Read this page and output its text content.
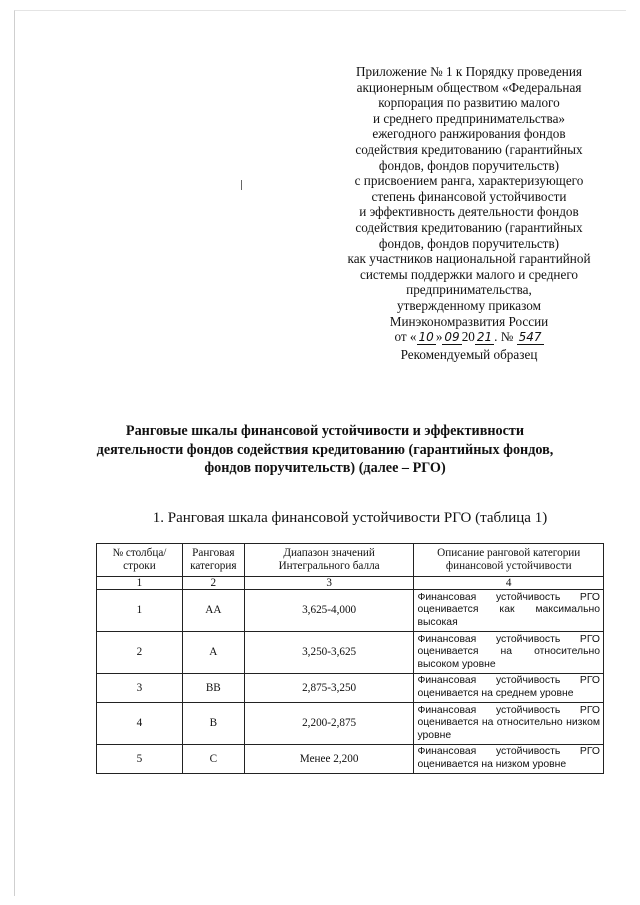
Приложение № 1 к Порядку проведения
акционерным обществом «Федеральная
корпорация по развитию малого
и среднего предпринимательства»
ежегодного ранжирования фондов
содействия кредитованию (гарантийных
фондов, фондов поручительств)
с присвоением ранга, характеризующего
степень финансовой устойчивости
и эффективность деятельности фондов
содействия кредитованию (гарантийных
фондов, фондов поручительств)
как участников национальной гарантийной
системы поддержки малого и среднего
предпринимательства,
утвержденному приказом
Минэкономразвития России
от « 10 » 09 20 21 . № 547
Рекомендуемый образец
Ранговые шкалы финансовой устойчивости и эффективности
деятельности фондов содействия кредитованию (гарантийных фондов,
фондов поручительств) (далее – РГО)
1. Ранговая шкала финансовой устойчивости РГО (таблица 1)
№ столбца/строки	Ранговая категория	Диапазон значений Интегрального балла	Описание ранговой категории финансовой устойчивости
1	2	3	4
1	АА	3,625-4,000	Финансовая устойчивость РГО оценивается как максимально высокая
2	А	3,250-3,625	Финансовая устойчивость РГО оценивается на относительно высоком уровне
3	ВВ	2,875-3,250	Финансовая устойчивость РГО оценивается на среднем уровне
4	В	2,200-2,875	Финансовая устойчивость РГО оценивается на относительно низком уровне
5	С	Менее 2,200	Финансовая устойчивость РГО оценивается на низком уровне
